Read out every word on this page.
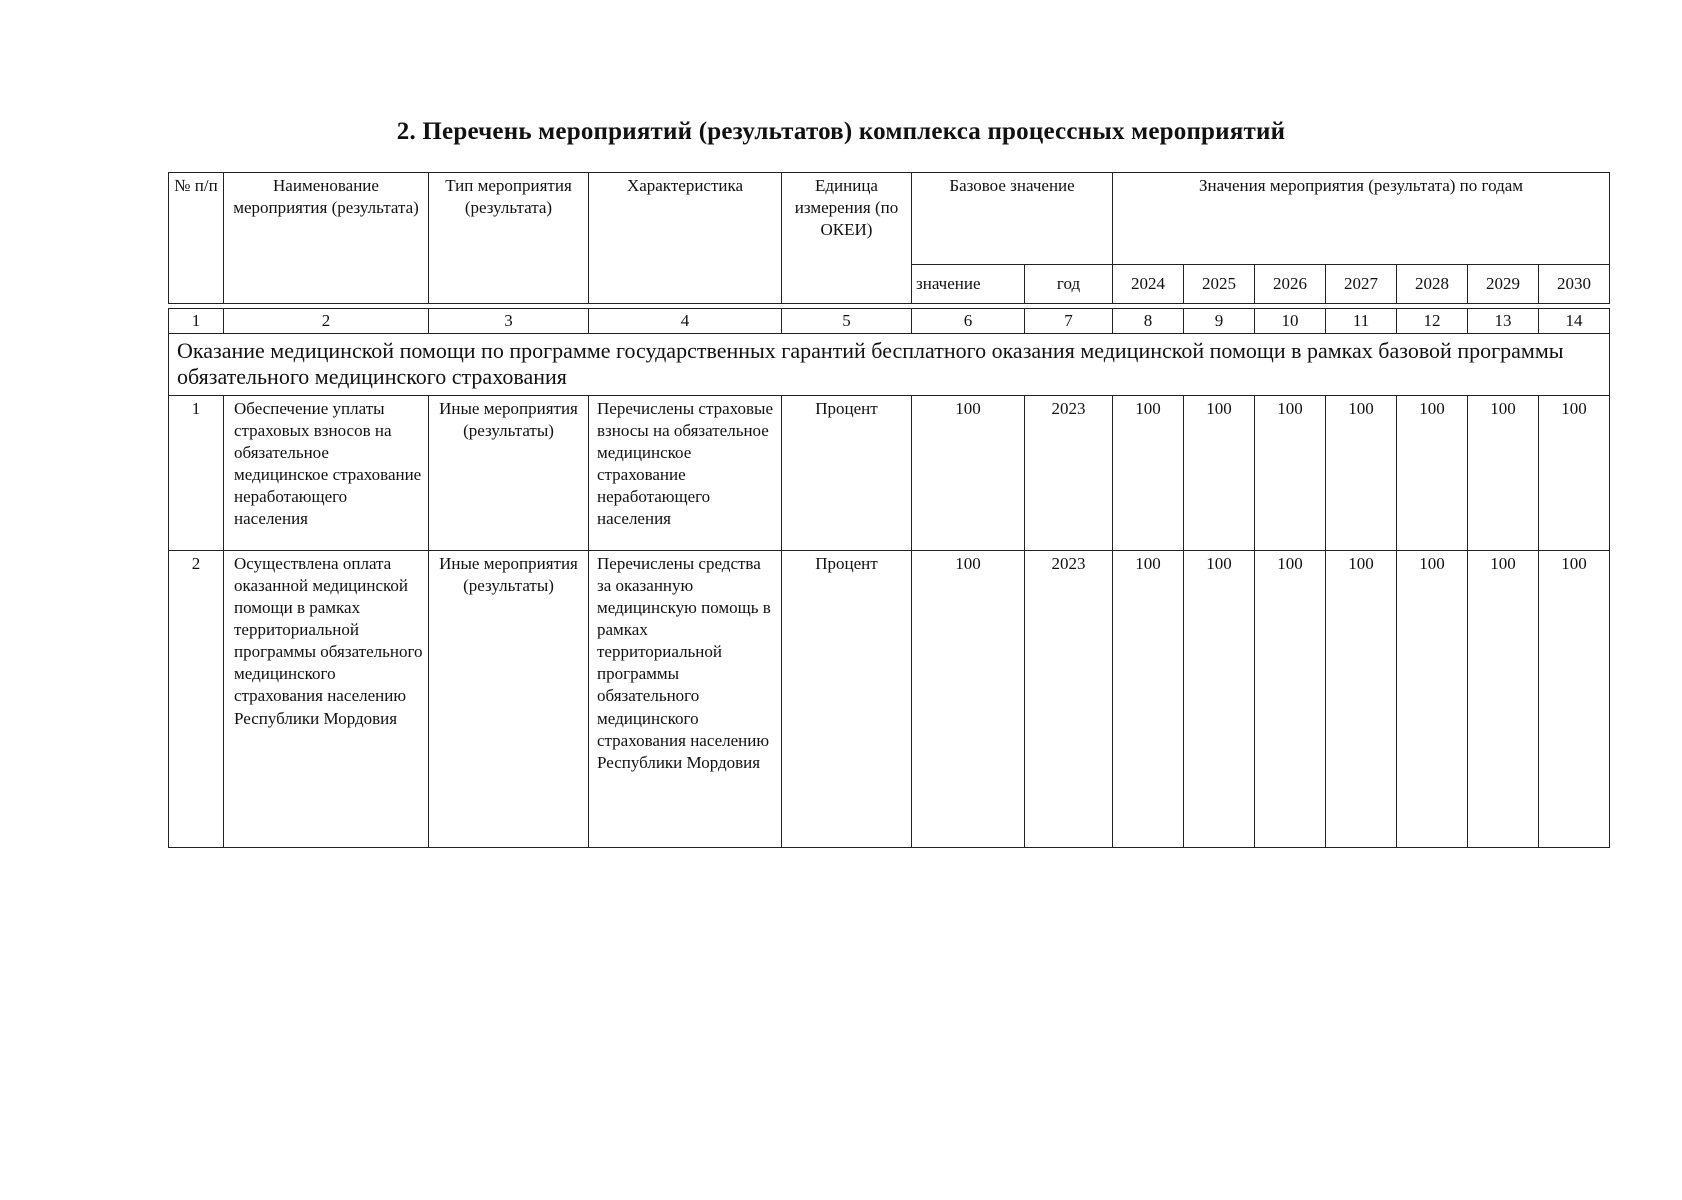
2. Перечень мероприятий (результатов) комплекса процессных мероприятий
№ п/п	Наименование мероприятия (результата)	Тип мероприятия (результата)	Характеристика	Единица измерения (по ОКЕИ)	Базовое значение		Значения мероприятия (результата) по годам						
					значение	год	2024	2025	2026	2027	2028	2029	2030

1	2	3	4	5	6	7	8	9	10	11	12	13	14
Оказание медицинской помощи по программе государственных гарантий бесплатного оказания медицинской помощи в рамках базовой программы обязательного медицинского страхования													
1	Обеспечение уплаты страховых взносов на обязательное медицинское страхование неработающего населения	Иные мероприятия (результаты)	Перечислены страховые взносы на обязательное медицинское страхование неработающего населения	Процент	100	2023	100	100	100	100	100	100	100
2	Осуществлена оплата оказанной медицинской помощи в рамках территориальной программы обязательного медицинского страхования населению Республики Мордовия	Иные мероприятия (результаты)	Перечислены средства за оказанную медицинскую помощь в рамках территориальной программы обязательного медицинского страхования населению Республики Мордовия	Процент	100	2023	100	100	100	100	100	100	100
